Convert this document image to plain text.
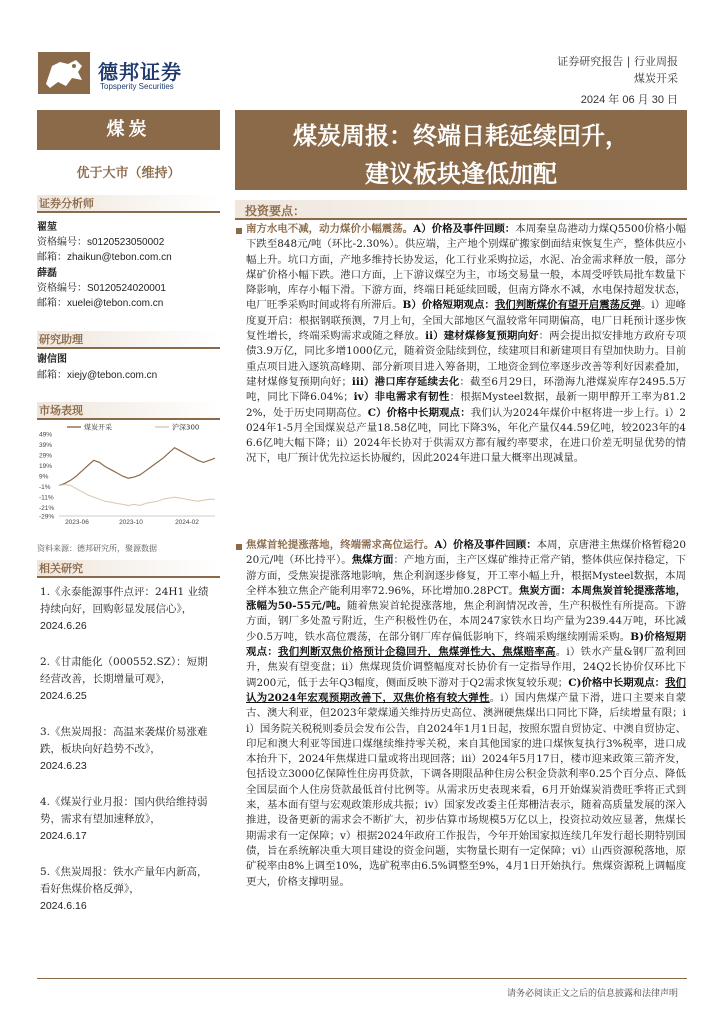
德邦证券
Topsperity Securities
证券研究报告 | 行业周报
煤炭开采
2024 年 06 月 30 日
煤炭
优于大市（维持）
证券分析师
翟堃
资格编号：s0120523050002
邮箱：zhaikun@tebon.com.cn
薛磊
资格编号：S0120524020001
邮箱：xuelei@tebon.com.cn
研究助理
谢信图
邮箱：xiejy@tebon.com.cn
市场表现
49%
39%
29%
19%
9%
-1%
-11%
-21%
-29%
2023-06	2023-10	2024-02
煤炭开采	沪深300
资料来源：德邦研究所，聚源数据
相关研究
1.《永泰能源事件点评：24H1 业绩持续向好，回购彰显发展信心》，
2024.6.26
2.《甘肃能化（000552.SZ）：短期经营改善，长期增量可观》，
2024.6.25
3.《焦炭周报：高温来袭煤价易涨难跌，板块向好趋势不改》，
2024.6.23
4.《煤炭行业月报：国内供给维持弱势，需求有望加速释放》，
2024.6.17
5.《焦炭周报：铁水产量年内新高，看好焦煤价格反弹》，
2024.6.16
煤炭周报：终端日耗延续回升，
建议板块逢低加配
投资要点：
南方水电不减，动力煤价小幅震荡。A）价格及事件回顾：本周秦皇岛港动力煤Q5500价格小幅下跌至848元/吨（环比-2.30%）。供应端，主产地个别煤矿搬家倒面结束恢复生产，整体供应小幅上升。坑口方面，产地多维持长协发运，化工行业采购拉运，水泥、冶金需求释放一般，部分煤矿价格小幅下跌。港口方面，上下游议煤空为主，市场交易量一般，本周受呼铁局批车数量下降影响，库存小幅下滑。下游方面，终端日耗延续回暖，但南方降水不减，水电保持超发状态，电厂旺季采购时间或将有所滞后。B）价格短期观点：我们判断煤价有望开启震荡反弹。i）迎峰度夏开启：根据钢联预测，7月上旬，全国大部地区气温较常年同期偏高，电厂日耗预计逐步恢复性增长，终端采购需求或随之释放。ii）建材煤修复预期向好：两会提出拟安排地方政府专项债3.9万亿，同比多增1000亿元，随着资金陆续到位，续建项目和新建项目有望加快助力。目前重点项目进入逐筑高峰期、部分新项目进入筹备期，工地资金到位率逐步改善等利好因素叠加，建材煤修复预期向好；iii）港口库存延续去化：截至6月29日，环渤海九港煤炭库存2495.5万吨，同比下降6.04%；iv）非电需求有韧性：根据Mysteel数据，最新一期甲醇开工率为81.22%，处于历史同期高位。C）价格中长期观点：我们认为2024年煤价中枢将进一步上行。i）2024年1-5月全国煤炭总产量18.58亿吨，同比下降3%，年化产量仅44.59亿吨，较2023年的46.6亿吨大幅下降；ii）2024年长协对于供需双方都有履约率要求，在进口价差无明显优势的情况下，电厂预计优先拉运长协履约，因此2024年进口量大概率出现减量。
焦煤首轮提涨落地，终端需求高位运行。A）价格及事件回顾：本周，京唐港主焦煤价格暂稳2020元/吨（环比持平）。焦煤方面：产地方面，主产区煤矿维持正常产销，整体供应保持稳定，下游方面，受焦炭提涨落地影响，焦企利润逐步修复，开工率小幅上升，根据Mysteel数据，本周全样本独立焦企产能利用率72.96%，环比增加0.28PCT。焦炭方面：本周焦炭首轮提涨落地，涨幅为50-55元/吨。随着焦炭首轮提涨落地，焦企利润情况改善，生产积极性有所提高。下游方面，钢厂多处盈亏附近，生产积极性仍在，本周247家铁水日均产量为239.44万吨，环比减少0.5万吨，铁水高位震荡，在部分钢厂库存偏低影响下，终端采购继续刚需采购。B)价格短期观点：我们判断双焦价格预计企稳回升，焦煤弹性大、焦煤赔率高。i）铁水产量&钢厂盈利回升，焦炭有望变盘；ii）焦煤现货价调整幅度对长协价有一定指导作用，24Q2长协价仅环比下调200元，低于去年Q3幅度，侧面反映下游对于Q2需求恢复较乐观；C)价格中长期观点：我们认为2024年宏观预期改善下，双焦价格有较大弹性。i）国内焦煤产量下滑，进口主要来自蒙古、澳大利亚，但2023年蒙煤通关维持历史高位、澳洲硬焦煤出口同比下降，后续增量有限；ii）国务院关税税则委员会发布公告，自2024年1月1日起，按照东盟自贸协定、中澳自贸协定、印尼和澳大利亚等国进口煤继续维持零关税，来自其他国家的进口煤恢复执行3%税率，进口成本抬升下，2024年焦煤进口量或将出现回落；iii）2024年5月17日，楼市迎来政策三箭齐发，包括设立3000亿保障性住房再贷款，下调各期限品种住房公积金贷款利率0.25个百分点、降低全国层面个人住房贷款最低首付比例等。从需求历史表现来看，6月开始煤炭消费旺季将正式到来，基本面有望与宏观政策形成共振；iv）国家发改委主任郑栅洁表示，随着高质量发展的深入推进，设备更新的需求会不断扩大，初步估算市场规模5万亿以上，投资拉动效应显著，焦煤长期需求有一定保障；v）根据2024年政府工作报告，今年开始国家拟连续几年发行超长期特别国债，旨在系统解决重大项目建设的资金问题，实物量长期有一定保障；vi）山西资源税落地，原矿税率由8%上调至10%，选矿税率由6.5%调整至9%，4月1日开始执行。焦煤资源税上调幅度更大，价格支撑明显。
请务必阅读正文之后的信息披露和法律声明
